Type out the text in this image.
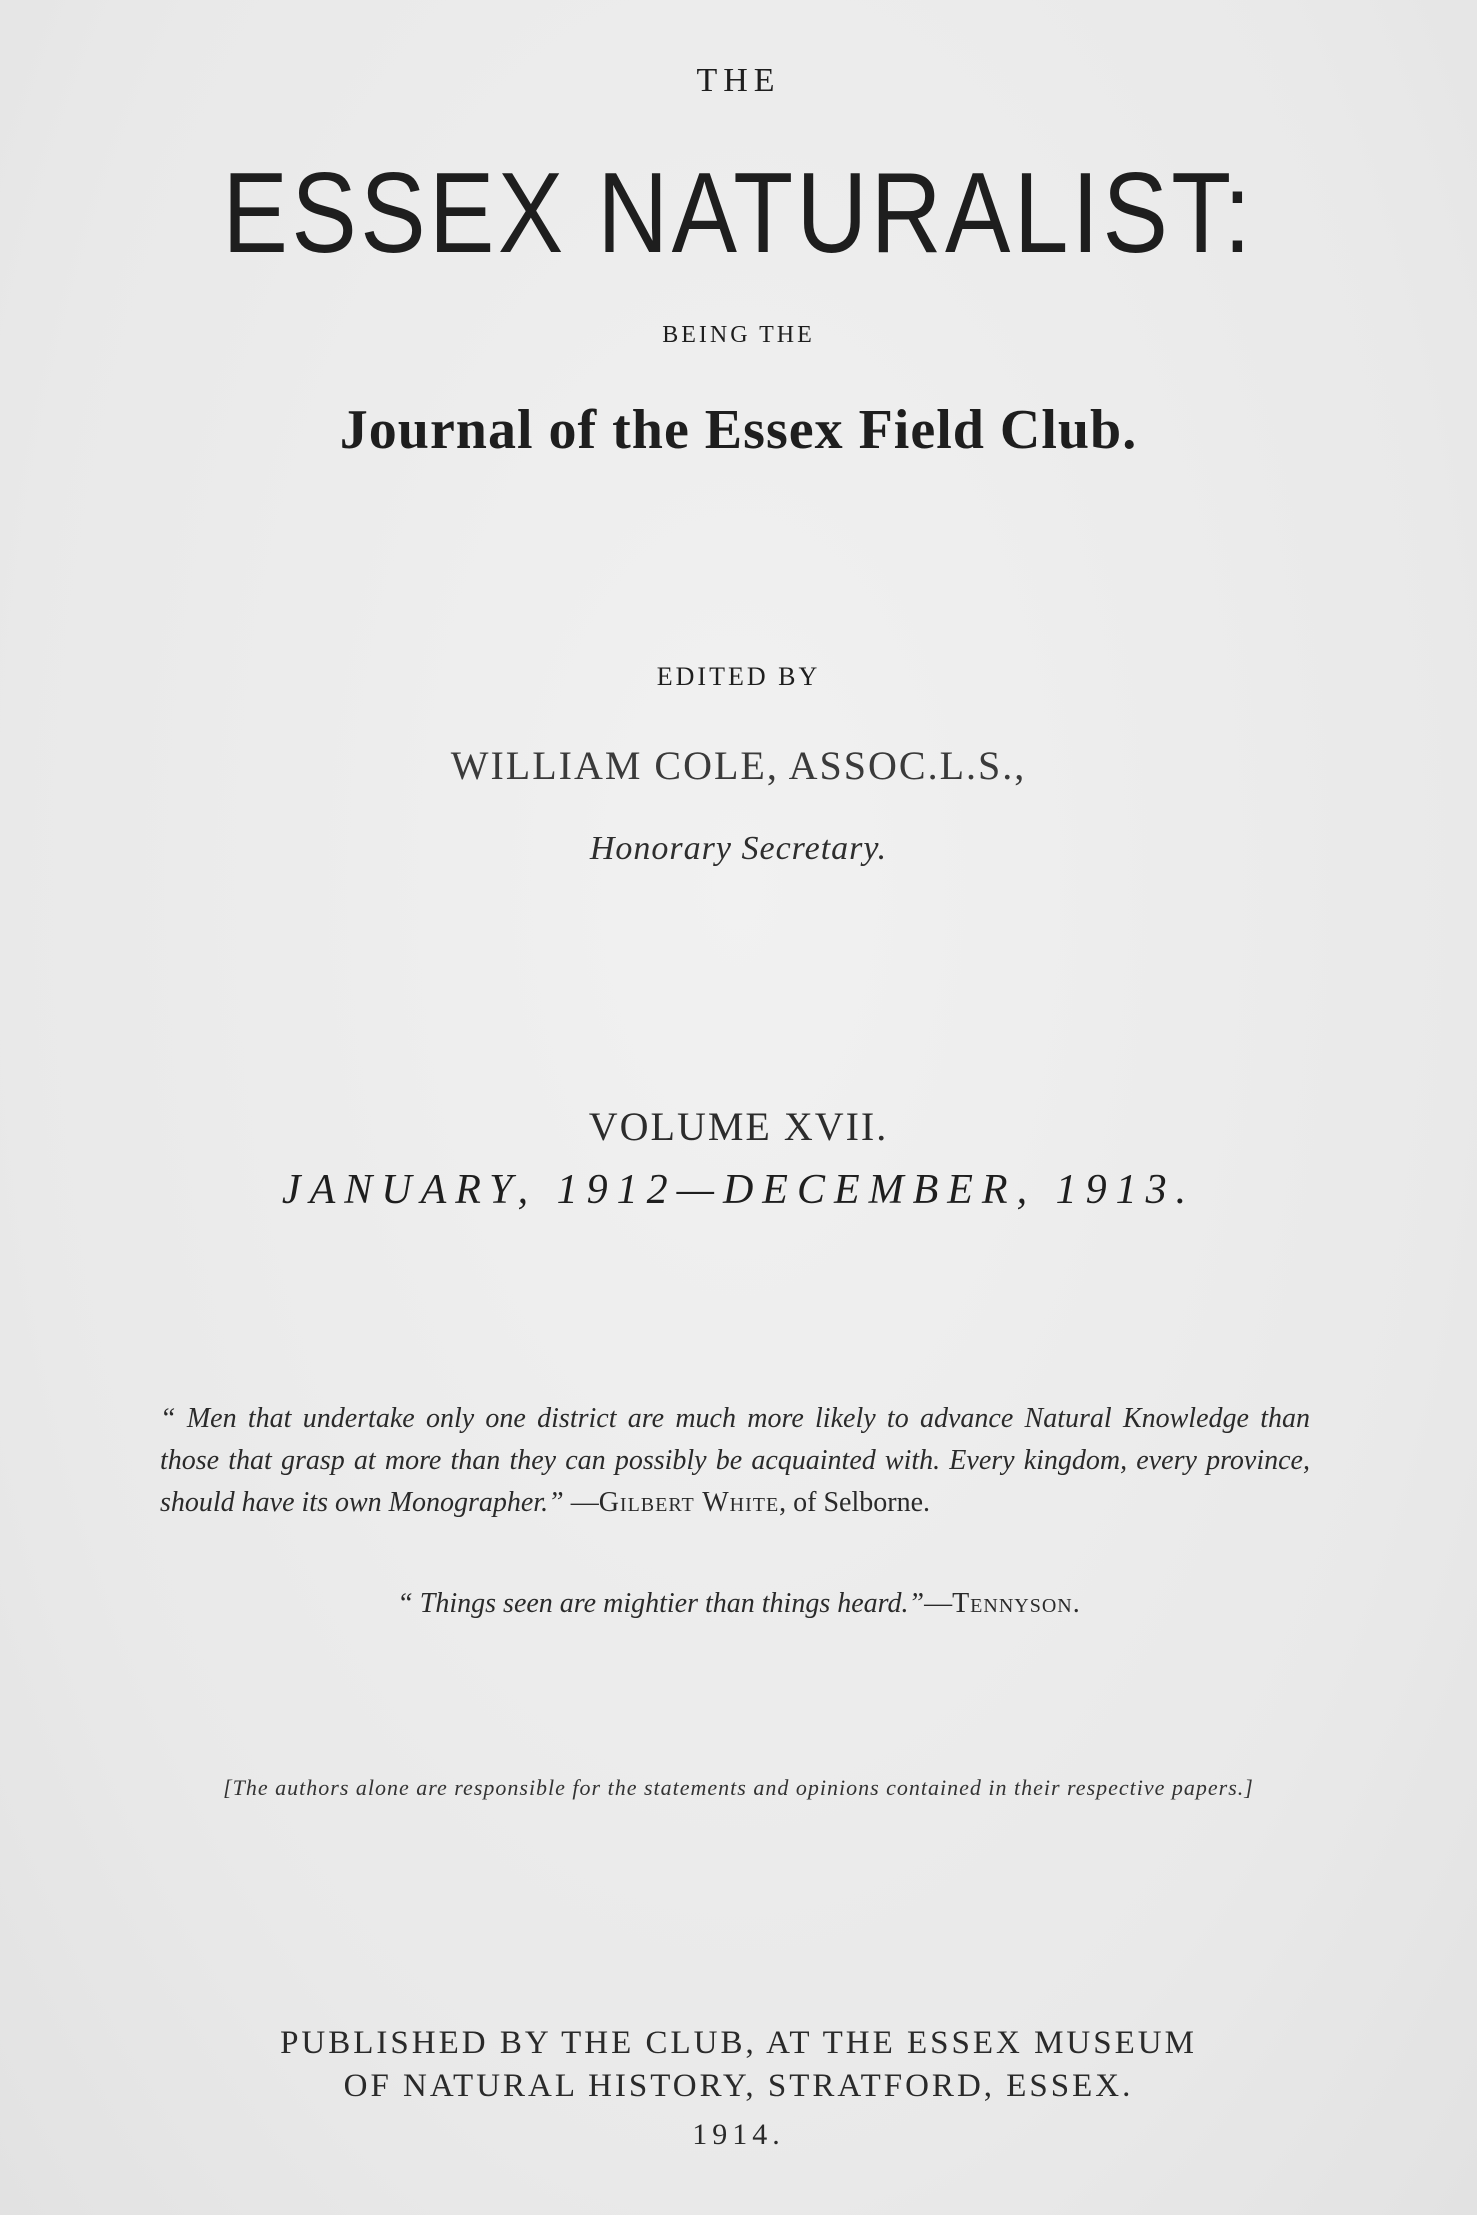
THE
ESSEX NATURALIST:
BEING THE
Journal of the Essex Field Club.
EDITED BY
WILLIAM COLE, ASSOC.L.S.,
Honorary Secretary.
VOLUME XVII.
JANUARY, 1912—DECEMBER, 1913.
“ Men that undertake only one district are much more likely to advance Natural Knowledge than those that grasp at more than they can possibly be acquainted with. Every kingdom, every province, should have its own Monographer.” —Gilbert White, of Selborne.
“ Things seen are mightier than things heard.”—Tennyson.
[The authors alone are responsible for the statements and opinions contained in their respective papers.]
PUBLISHED BY THE CLUB, AT THE ESSEX MUSEUM
OF NATURAL HISTORY, STRATFORD, ESSEX.
1914.
